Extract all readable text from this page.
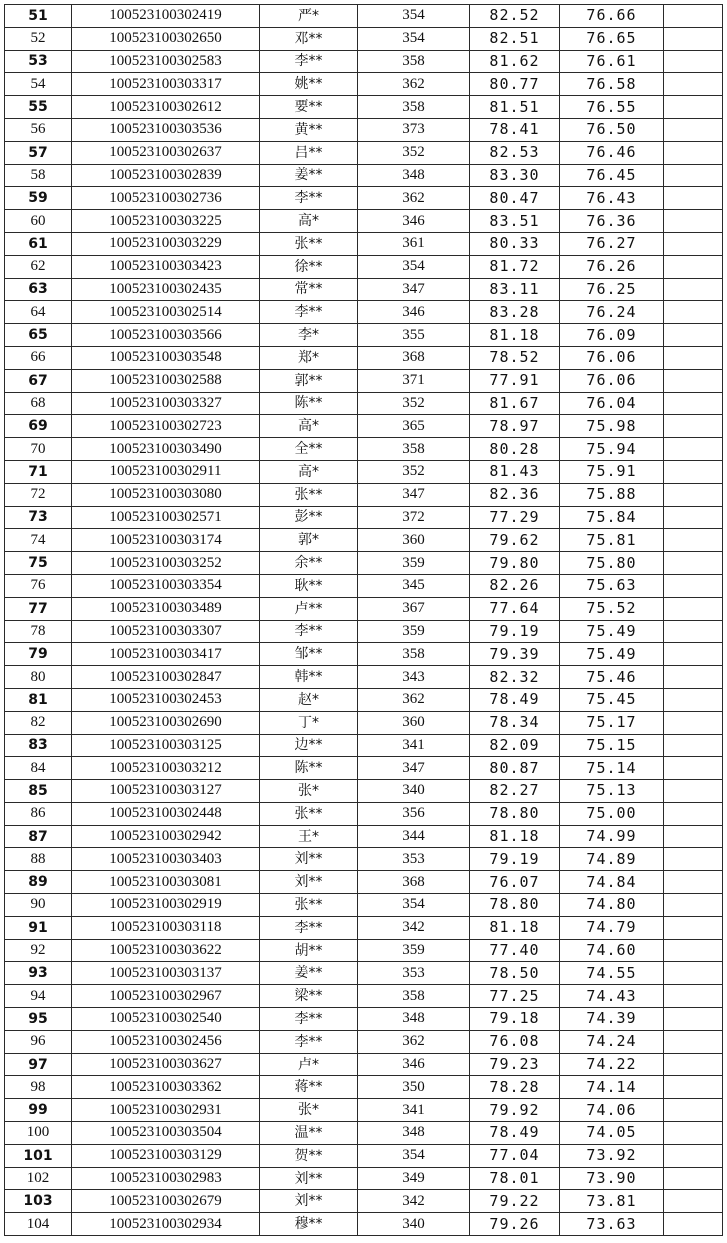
51	100523100302419	严*	354	82.52	76.66	
52	100523100302650	邓**	354	82.51	76.65	
53	100523100302583	李**	358	81.62	76.61	
54	100523100303317	姚**	362	80.77	76.58	
55	100523100302612	要**	358	81.51	76.55	
56	100523100303536	黄**	373	78.41	76.50	
57	100523100302637	吕**	352	82.53	76.46	
58	100523100302839	姜**	348	83.30	76.45	
59	100523100302736	李**	362	80.47	76.43	
60	100523100303225	高*	346	83.51	76.36	
61	100523100303229	张**	361	80.33	76.27	
62	100523100303423	徐**	354	81.72	76.26	
63	100523100302435	常**	347	83.11	76.25	
64	100523100302514	李**	346	83.28	76.24	
65	100523100303566	李*	355	81.18	76.09	
66	100523100303548	郑*	368	78.52	76.06	
67	100523100302588	郭**	371	77.91	76.06	
68	100523100303327	陈**	352	81.67	76.04	
69	100523100302723	高*	365	78.97	75.98	
70	100523100303490	全**	358	80.28	75.94	
71	100523100302911	高*	352	81.43	75.91	
72	100523100303080	张**	347	82.36	75.88	
73	100523100302571	彭**	372	77.29	75.84	
74	100523100303174	郭*	360	79.62	75.81	
75	100523100303252	余**	359	79.80	75.80	
76	100523100303354	耿**	345	82.26	75.63	
77	100523100303489	卢**	367	77.64	75.52	
78	100523100303307	李**	359	79.19	75.49	
79	100523100303417	邹**	358	79.39	75.49	
80	100523100302847	韩**	343	82.32	75.46	
81	100523100302453	赵*	362	78.49	75.45	
82	100523100302690	丁*	360	78.34	75.17	
83	100523100303125	边**	341	82.09	75.15	
84	100523100303212	陈**	347	80.87	75.14	
85	100523100303127	张*	340	82.27	75.13	
86	100523100302448	张**	356	78.80	75.00	
87	100523100302942	王*	344	81.18	74.99	
88	100523100303403	刘**	353	79.19	74.89	
89	100523100303081	刘**	368	76.07	74.84	
90	100523100302919	张**	354	78.80	74.80	
91	100523100303118	李**	342	81.18	74.79	
92	100523100303622	胡**	359	77.40	74.60	
93	100523100303137	姜**	353	78.50	74.55	
94	100523100302967	梁**	358	77.25	74.43	
95	100523100302540	李**	348	79.18	74.39	
96	100523100302456	李**	362	76.08	74.24	
97	100523100303627	卢*	346	79.23	74.22	
98	100523100303362	蒋**	350	78.28	74.14	
99	100523100302931	张*	341	79.92	74.06	
100	100523100303504	温**	348	78.49	74.05	
101	100523100303129	贺**	354	77.04	73.92	
102	100523100302983	刘**	349	78.01	73.90	
103	100523100302679	刘**	342	79.22	73.81	
104	100523100302934	穆**	340	79.26	73.63	
